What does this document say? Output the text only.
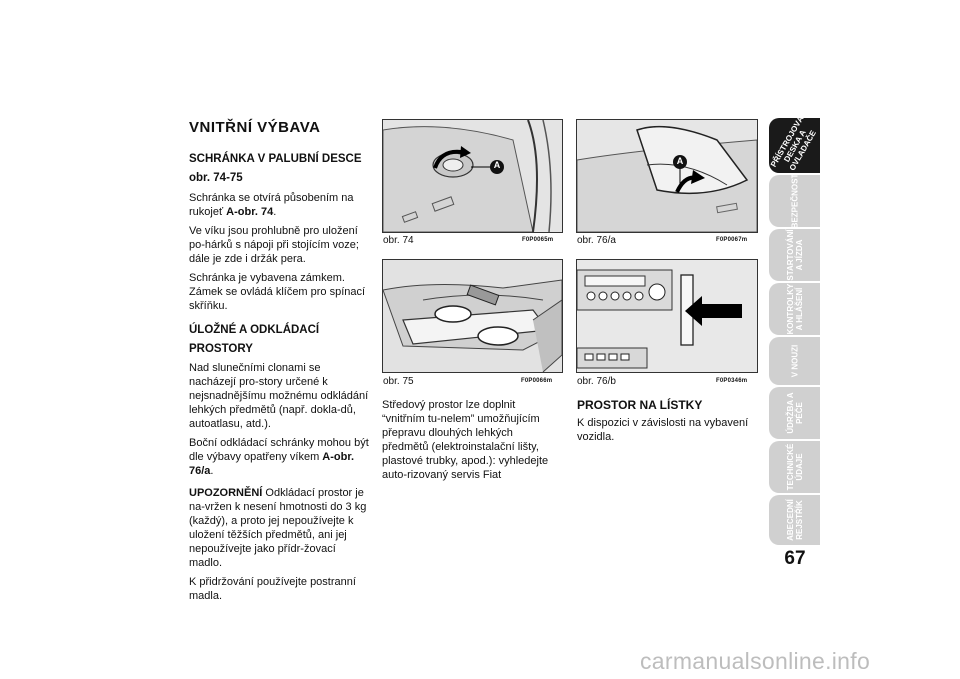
VNITŘNÍ VÝBAVA

SCHRÁNKA V PALUBNÍ DESCE

obr. 74-75

Schránka se otvírá působením na rukojeť A-obr. 74.

Ve víku jsou prohlubně pro uložení po-hárků s nápoji při stojícím voze; dále je zde i držák pera.

Schránka je vybavena zámkem. Zámek se ovládá klíčem pro spínací skříňku.

ÚLOŽNÉ A ODKLÁDACÍ

PROSTORY

Nad slunečními clonami se nacházejí pro-story určené k nejsnadnějšímu možnému odkládání lehkých předmětů (např. dokla-dů, autoatlasu, atd.).

Boční odkládací schránky mohou být dle výbavy opatřeny víkem A-obr. 76/a.

UPOZORNĚNÍ Odkládací prostor je na-vržen k nesení hmotnosti do 3 kg (každý), a proto jej nepoužívejte k uložení těžších předmětů, ani jej nepoužívejte jako přídr-žovací madlo.

K přidržování používejte postranní madla.

A
obr. 74	F0P0065m
obr. 75	F0P0066m

Středový prostor lze doplnit “vnitřním tu-nelem” umožňujícím přepravu dlouhých lehkých předmětů (elektroinstalační lišty, plastové trubky, apod.): vyhledejte auto-rizovaný servis Fiat

A
obr. 76/a	F0P0067m
obr. 76/b	F0P0346m

PROSTOR NA LÍSTKY

K dispozici v závislosti na vybavení vozidla.

PŘÍSTROJOVÁ DESKA A OVLADAČE
BEZPEČNOST
STARTOVÁNÍ A JÍZDA
KONTROLKY A HLÁŠENÍ
V NOUZI
ÚDRŽBA A PÉČE
TECHNICKÉ ÚDAJE
ABECEDNÍ REJSTŘÍK
67
carmanualsonline.info
